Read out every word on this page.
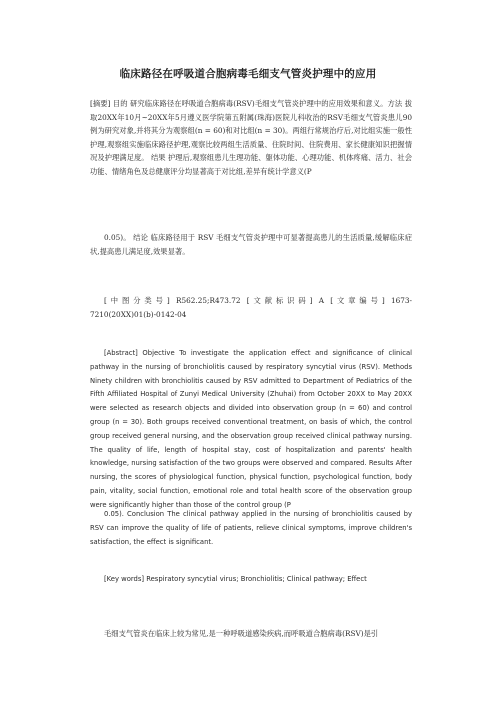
临床路径在呼吸道合胞病毒毛细支气管炎护理中的应用

[摘要] 目的 研究临床路径在呼吸道合胞病毒(RSV)毛细支气管炎护理中的应用效果和意义。方法 拔取20XX年10月~20XX年5月遵义医学院第五附属(珠海)医院儿科收治的RSV毛细支气管炎患儿90例为研究对象,并将其分为观察组(n = 60)和对比组(n = 30)。两组行常规治疗后,对比组实施一般性护理,观察组实施临床路径护理,观察比较两组生活质量、住院时间、住院费用、家长健康知识把握情况及护理满足度。 结果 护理后,观察组患儿生理功能、躯体功能、心理功能、机体疼痛、活力、社会功能、情绪角色及总健康评分均显著高于对比组,差异有统计学意义(P

0.05)。 结论 临床路径用于 RSV 毛细支气管炎护理中可显著提高患儿的生活质量,缓解临床症状,提高患儿满足度,效果显著。

[中图分类号] R562.25;R473.72 [文献标识码] A [文章编号] 1673-7210(20XX)01(b)-0142-04

[Abstract] Objective To investigate the application effect and significance of clinical pathway in the nursing of bronchiolitis caused by respiratory syncytial virus (RSV). Methods Ninety children with bronchiolitis caused by RSV admitted to Department of Pediatrics of the Fifth Affiliated Hospital of Zunyi Medical University (Zhuhai) from October 20XX to May 20XX were selected as research objects and divided into observation group (n = 60) and control group (n = 30). Both groups received conventional treatment, on basis of which, the control group received general nursing, and the observation group received clinical pathway nursing. The quality of life, length of hospital stay, cost of hospitalization and parents' health knowledge, nursing satisfaction of the two groups were observed and compared. Results After nursing, the scores of physiological function, physical function, psychological function, body pain, vitality, social function, emotional role and total health score of the observation group were significantly higher than those of the control group (P

0.05). Conclusion The clinical pathway applied in the nursing of bronchiolitis caused by RSV can improve the quality of life of patients, relieve clinical symptoms, improve children's satisfaction, the effect is significant.

[Key words] Respiratory syncytial virus; Bronchiolitis; Clinical pathway; Effect

毛细支气管炎在临床上较为常见,是一种呼吸道感染疾病,而呼吸道合胞病毒(RSV)是引
